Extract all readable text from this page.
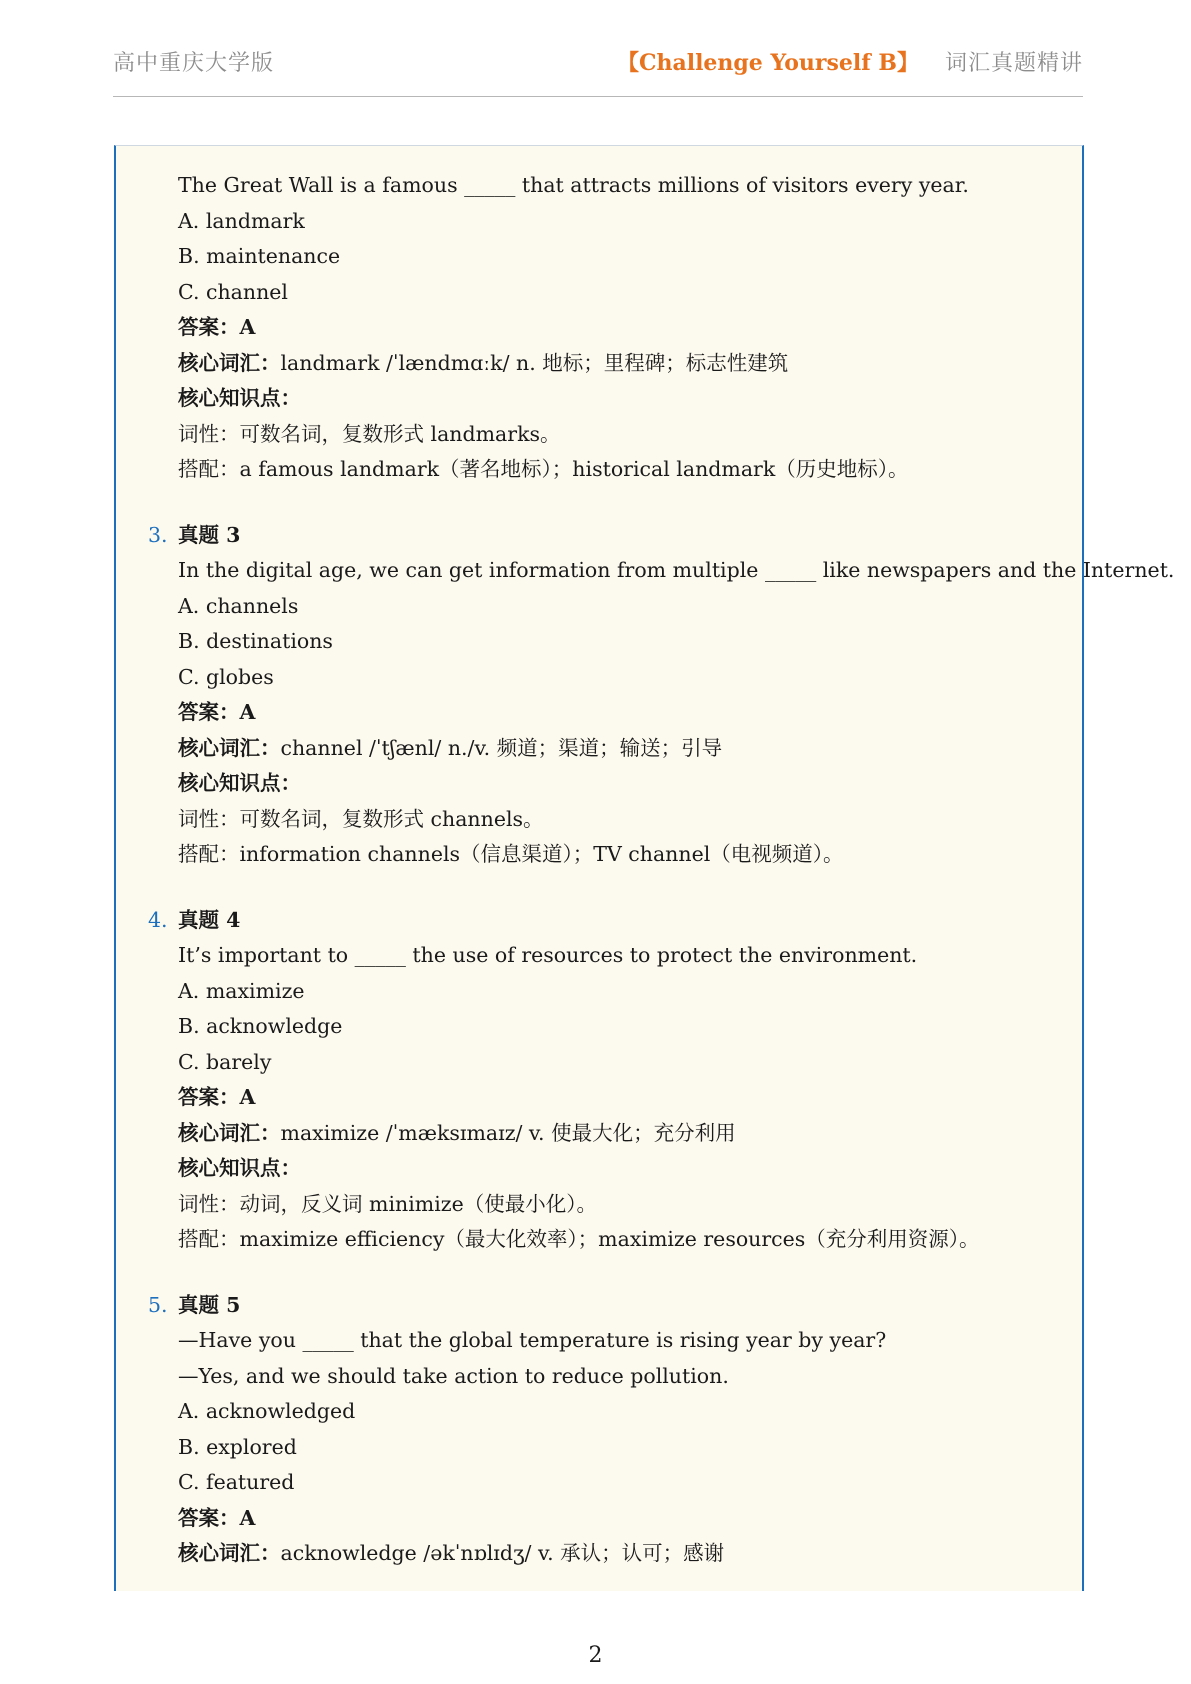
高中重庆大学版	【Challenge Yourself B】 词汇真题精讲
The Great Wall is a famous _____ that attracts millions of visitors every year.
A. landmark
B. maintenance
C. channel
答案：A
核心词汇：landmark /ˈlændmɑːk/ n. 地标；里程碑；标志性建筑
核心知识点：
词性：可数名词，复数形式 landmarks。
搭配：a famous landmark（著名地标）；historical landmark（历史地标）。
3. 真题 3
In the digital age, we can get information from multiple _____ like newspapers and the Internet.
A. channels
B. destinations
C. globes
答案：A
核心词汇：channel /ˈtʃænl/ n./v. 频道；渠道；输送；引导
核心知识点：
词性：可数名词，复数形式 channels。
搭配：information channels（信息渠道）；TV channel（电视频道）。
4. 真题 4
It’s important to _____ the use of resources to protect the environment.
A. maximize
B. acknowledge
C. barely
答案：A
核心词汇：maximize /ˈmæksɪmaɪz/ v. 使最大化；充分利用
核心知识点：
词性：动词，反义词 minimize（使最小化）。
搭配：maximize efficiency（最大化效率）；maximize resources（充分利用资源）。
5. 真题 5
—Have you _____ that the global temperature is rising year by year?
—Yes, and we should take action to reduce pollution.
A. acknowledged
B. explored
C. featured
答案：A
核心词汇：acknowledge /əkˈnɒlɪdʒ/ v. 承认；认可；感谢
2
